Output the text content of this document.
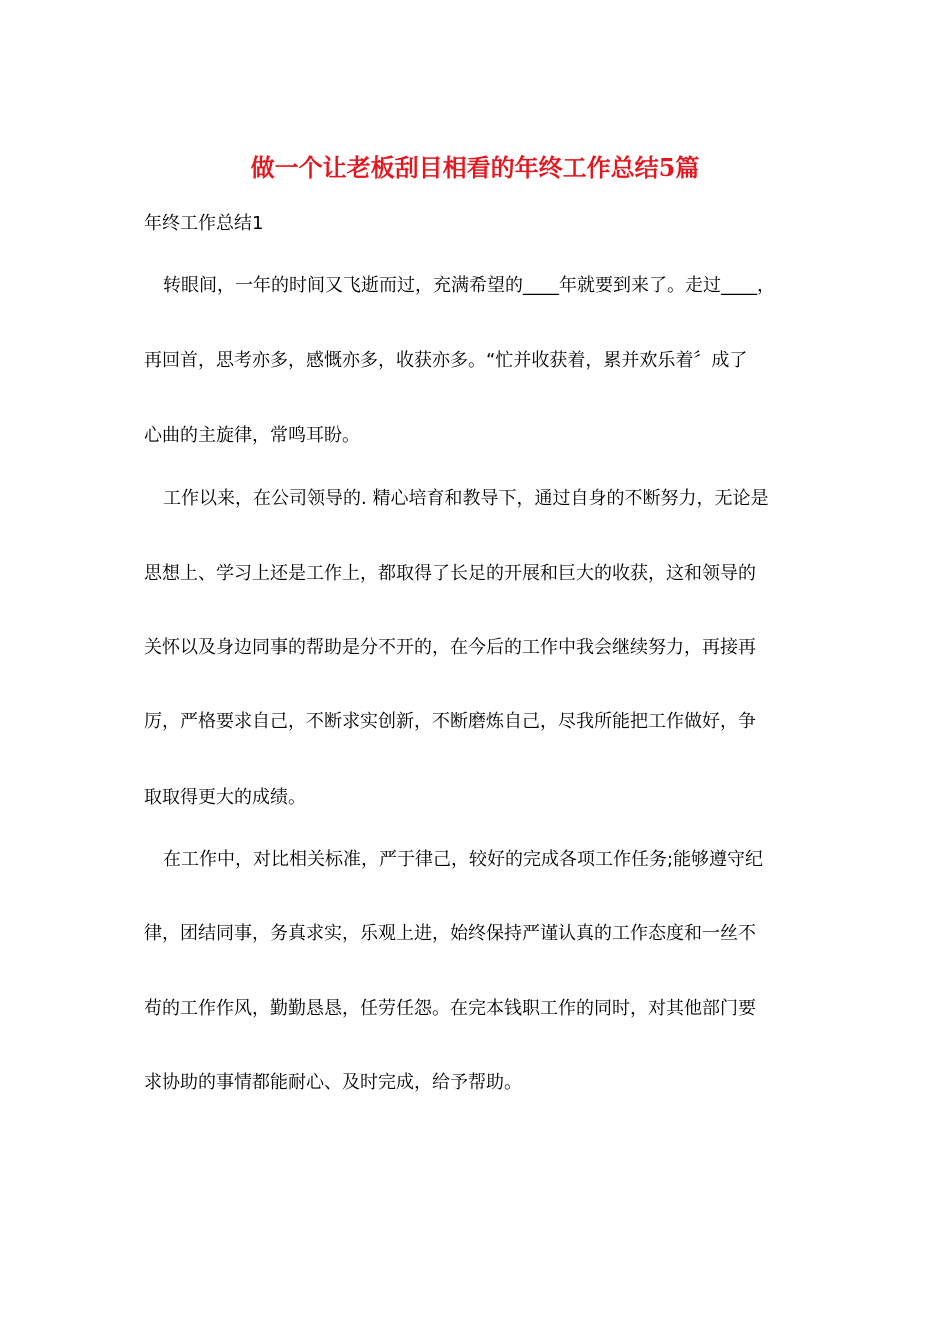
做一个让老板刮目相看的年终工作总结5篇
年终工作总结1
转眼间，一年的时间又飞逝而过，充满希望的____年就要到来了。走过____，
再回首，思考亦多，感慨亦多，收获亦多。“忙并收获着，累并欢乐着〞成了
心曲的主旋律，常鸣耳盼。
工作以来，在公司领导的. 精心培育和教导下，通过自身的不断努力，无论是
思想上、学习上还是工作上，都取得了长足的开展和巨大的收获，这和领导的
关怀以及身边同事的帮助是分不开的，在今后的工作中我会继续努力，再接再
厉，严格要求自己，不断求实创新，不断磨炼自己，尽我所能把工作做好，争
取取得更大的成绩。
在工作中，对比相关标准，严于律己，较好的完成各项工作任务;能够遵守纪
律，团结同事，务真求实，乐观上进，始终保持严谨认真的工作态度和一丝不
苟的工作作风，勤勤恳恳，任劳任怨。在完本钱职工作的同时，对其他部门要
求协助的事情都能耐心、及时完成，给予帮助。
